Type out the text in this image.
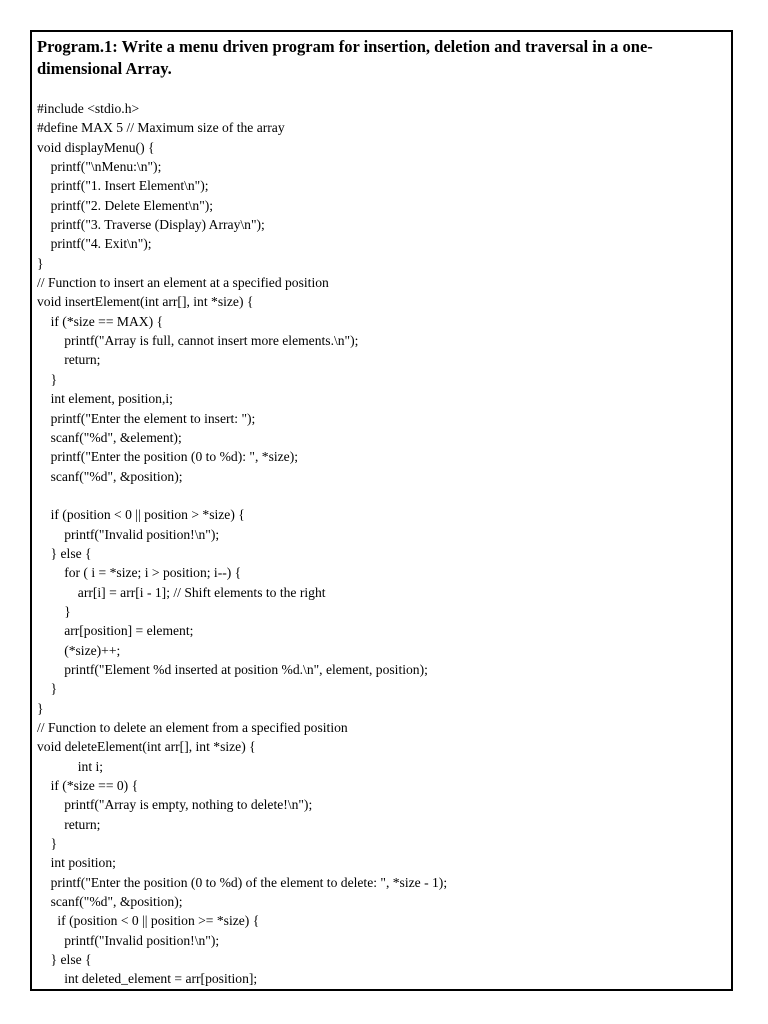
Program.1: Write a menu driven program for insertion, deletion and traversal in a one-dimensional Array.

#include <stdio.h>
#define MAX 5 // Maximum size of the array
void displayMenu() {
printf("\nMenu:\n");
printf("1. Insert Element\n");
printf("2. Delete Element\n");
printf("3. Traverse (Display) Array\n");
printf("4. Exit\n");
}
// Function to insert an element at a specified position
void insertElement(int arr[], int *size) {
if (*size == MAX) {
printf("Array is full, cannot insert more elements.\n");
return;
}
int element, position,i;
printf("Enter the element to insert: ");
scanf("%d", &element);
printf("Enter the position (0 to %d): ", *size);
scanf("%d", &position);
if (position < 0 || position > *size) {
printf("Invalid position!\n");
} else {
for ( i = *size; i > position; i--) {
arr[i] = arr[i - 1]; // Shift elements to the right
}
arr[position] = element;
(*size)++;
printf("Element %d inserted at position %d.\n", element, position);
}
}
// Function to delete an element from a specified position
void deleteElement(int arr[], int *size) {
int i;
if (*size == 0) {
printf("Array is empty, nothing to delete!\n");
return;
}
int position;
printf("Enter the position (0 to %d) of the element to delete: ", *size - 1);
scanf("%d", &position);
if (position < 0 || position >= *size) {
printf("Invalid position!\n");
} else {
int deleted_element = arr[position];
